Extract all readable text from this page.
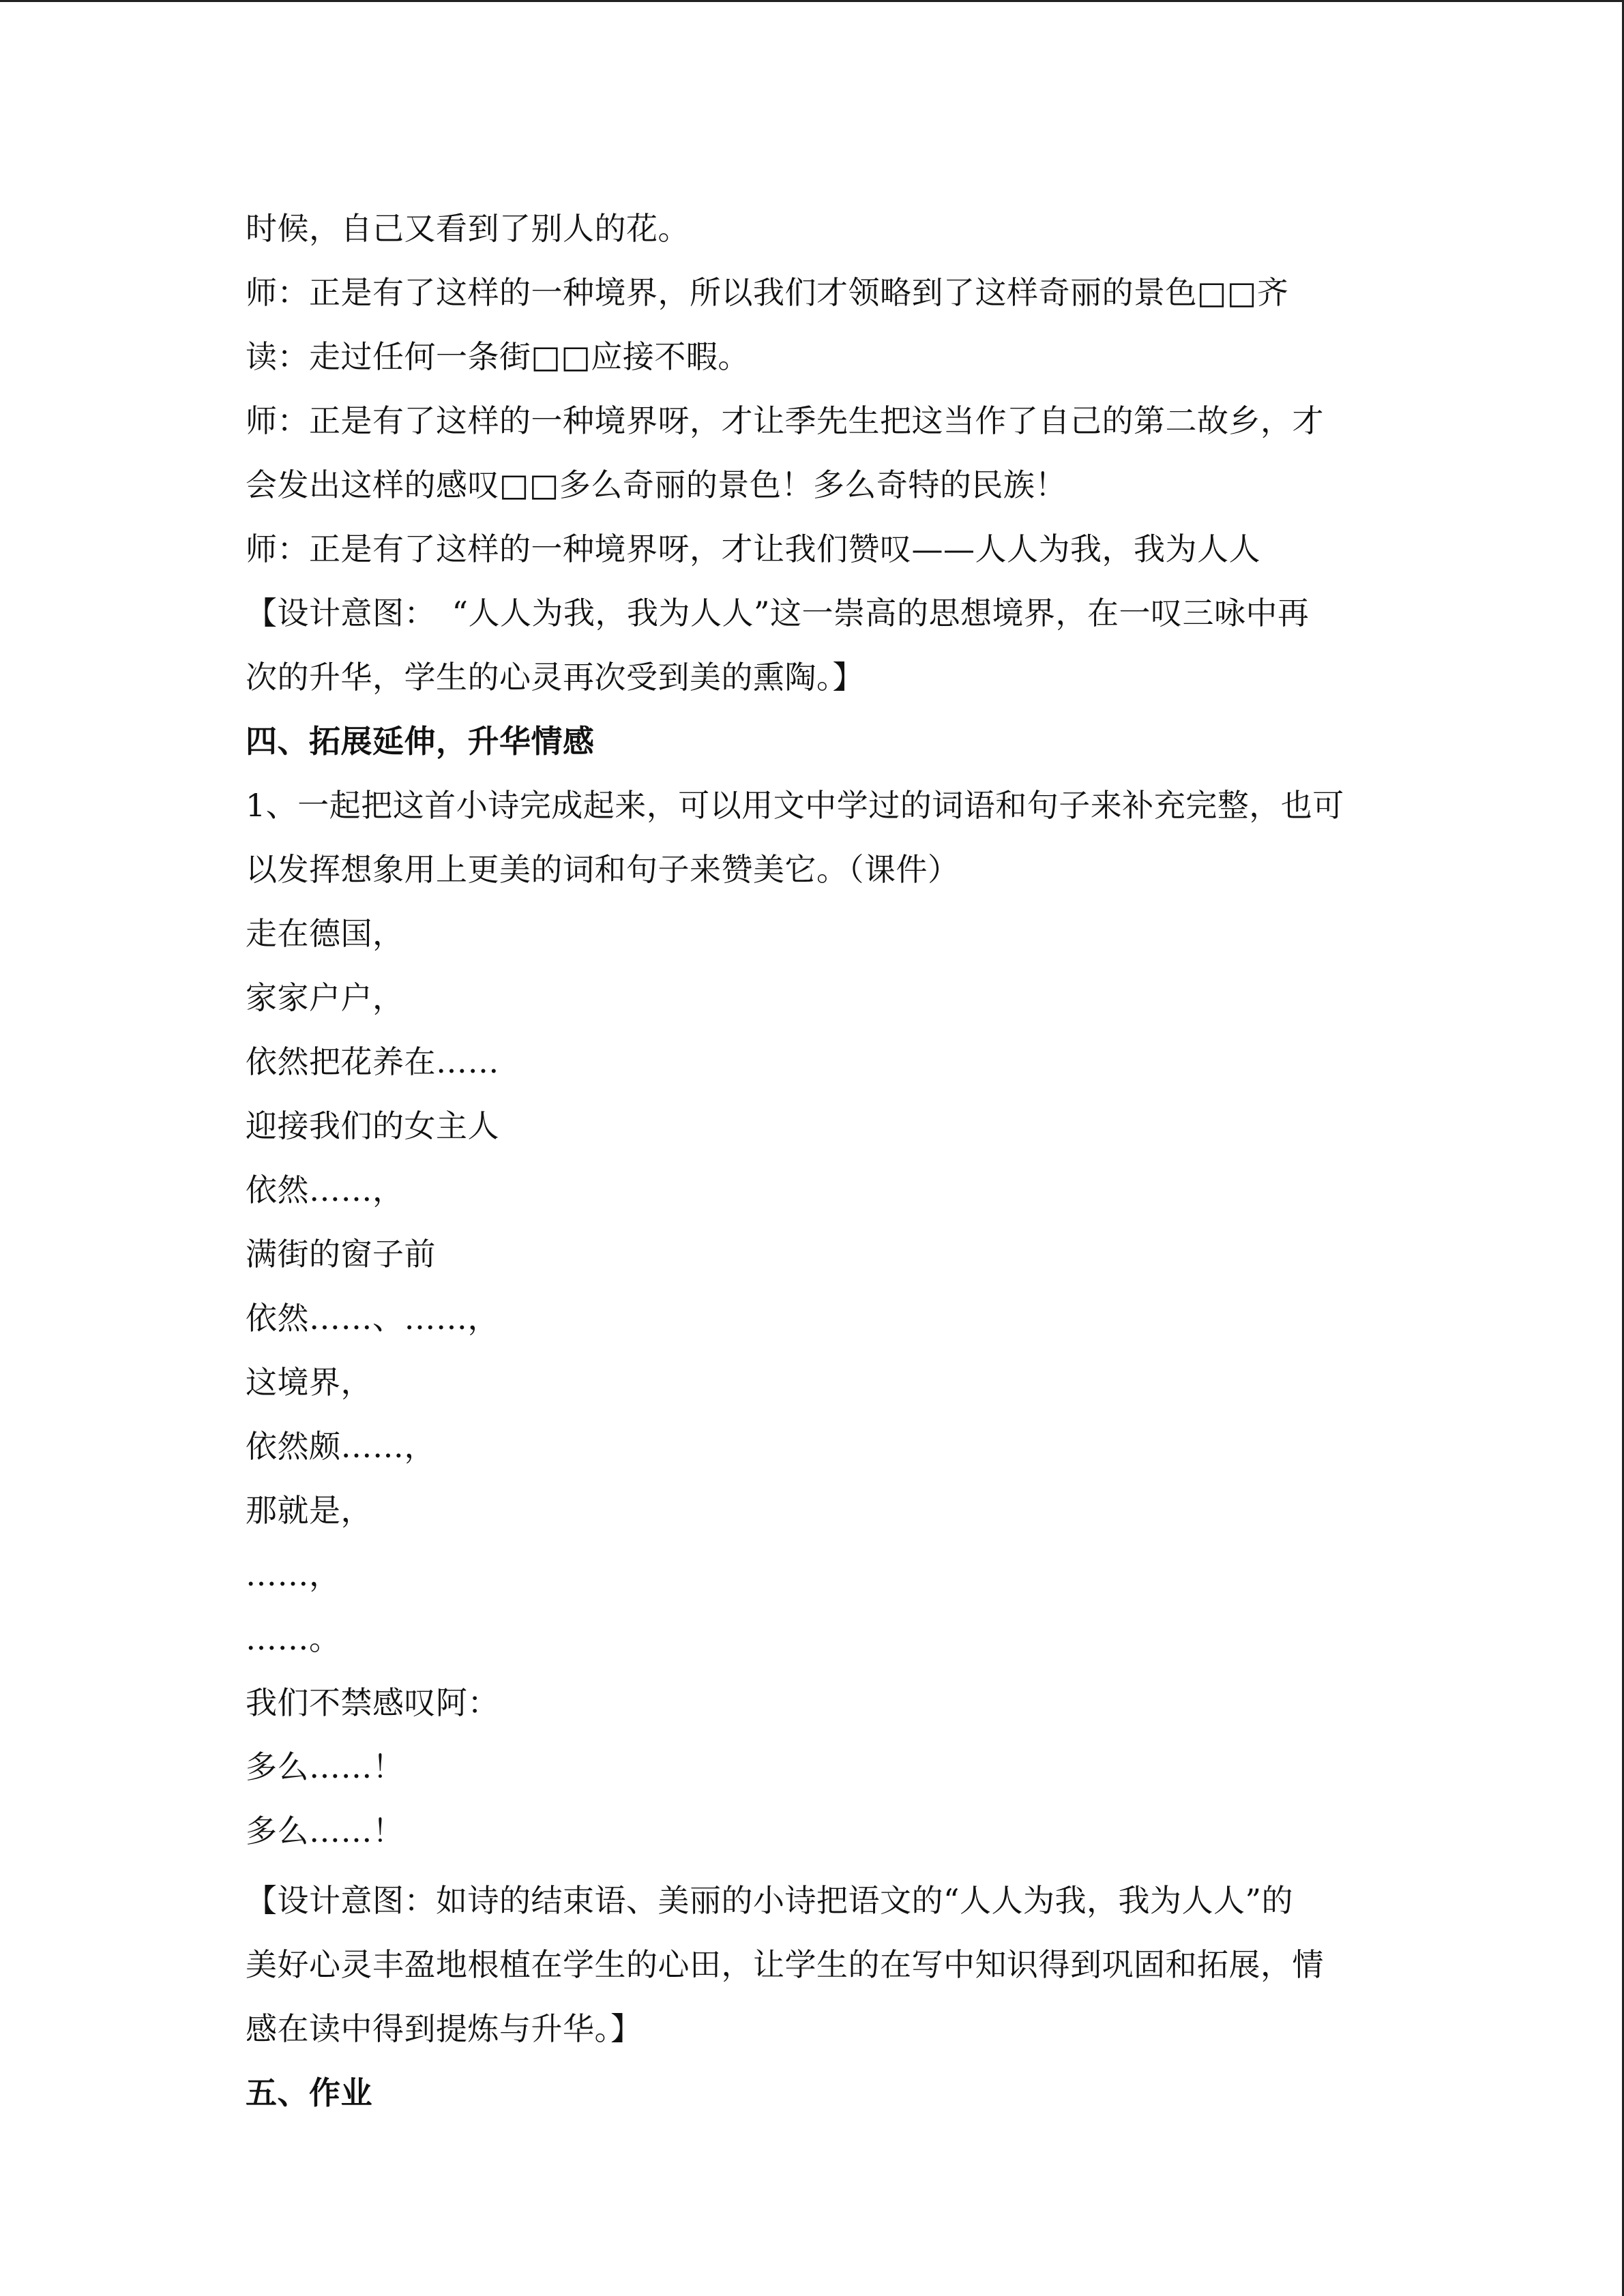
时候，自己又看到了别人的花。
师：正是有了这样的一种境界，所以我们才领略到了这样奇丽的景色□□齐
读：走过任何一条街□□应接不暇。
师：正是有了这样的一种境界呀，才让季先生把这当作了自己的第二故乡，才
会发出这样的感叹□□多么奇丽的景色！多么奇特的民族！
师：正是有了这样的一种境界呀，才让我们赞叹——人人为我，我为人人
【设计意图：　“人人为我，我为人人”这一崇高的思想境界，在一叹三咏中再
次的升华，学生的心灵再次受到美的熏陶。】
四、拓展延伸，升华情感
1、一起把这首小诗完成起来，可以用文中学过的词语和句子来补充完整，也可
以发挥想象用上更美的词和句子来赞美它。（课件）
走在德国，
家家户户，
依然把花养在……
迎接我们的女主人
依然……，
满街的窗子前
依然……、……，
这境界，
依然颇……，
那就是，
……，
……。
我们不禁感叹阿：
多么……！
多么……！
【设计意图：如诗的结束语、美丽的小诗把语文的“人人为我，我为人人”的
美好心灵丰盈地根植在学生的心田，让学生的在写中知识得到巩固和拓展，情
感在读中得到提炼与升华。】
五、作业
